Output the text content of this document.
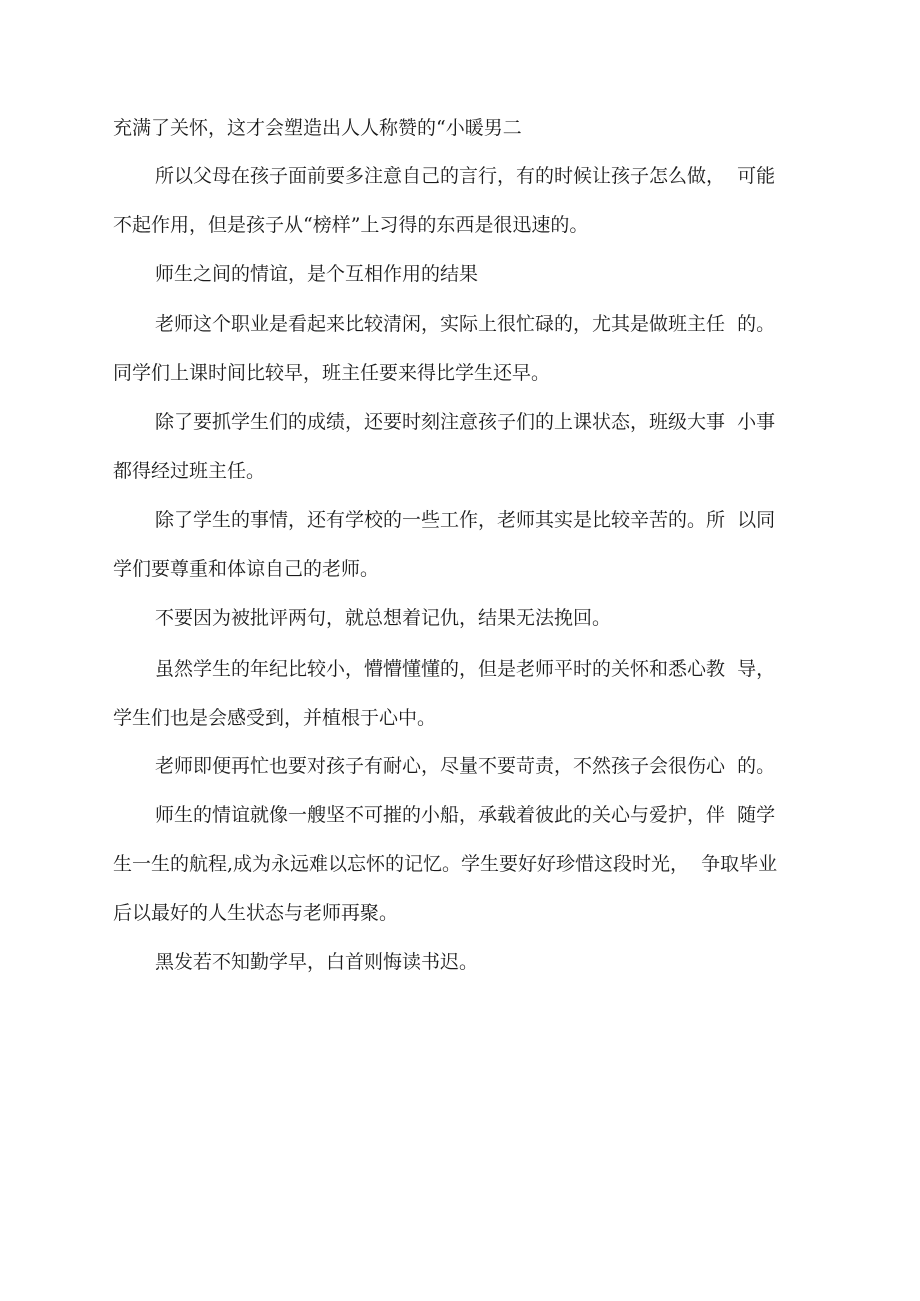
充满了关怀，这才会塑造出人人称赞的“小暖男二

所以父母在孩子面前要多注意自己的言行，有的时候让孩子怎么做，  可能

不起作用，但是孩子从“榜样”上习得的东西是很迅速的。

师生之间的情谊，是个互相作用的结果

老师这个职业是看起来比较清闲，实际上很忙碌的，尤其是做班主任  的。

同学们上课时间比较早，班主任要来得比学生还早。

除了要抓学生们的成绩，还要时刻注意孩子们的上课状态，班级大事  小事

都得经过班主任。

除了学生的事情，还有学校的一些工作，老师其实是比较辛苦的。所  以同

学们要尊重和体谅自己的老师。

不要因为被批评两句，就总想着记仇，结果无法挽回。

虽然学生的年纪比较小，懵懵懂懂的，但是老师平时的关怀和悉心教  导，

学生们也是会感受到，并植根于心中。

老师即便再忙也要对孩子有耐心，尽量不要苛责，不然孩子会很伤心  的。

师生的情谊就像一艘坚不可摧的小船，承载着彼此的关心与爱护，伴  随学

生一生的航程,成为永远难以忘怀的记忆。学生要好好珍惜这段时光，  争取毕业

后以最好的人生状态与老师再聚。

黑发若不知勤学早，白首则悔读书迟。
